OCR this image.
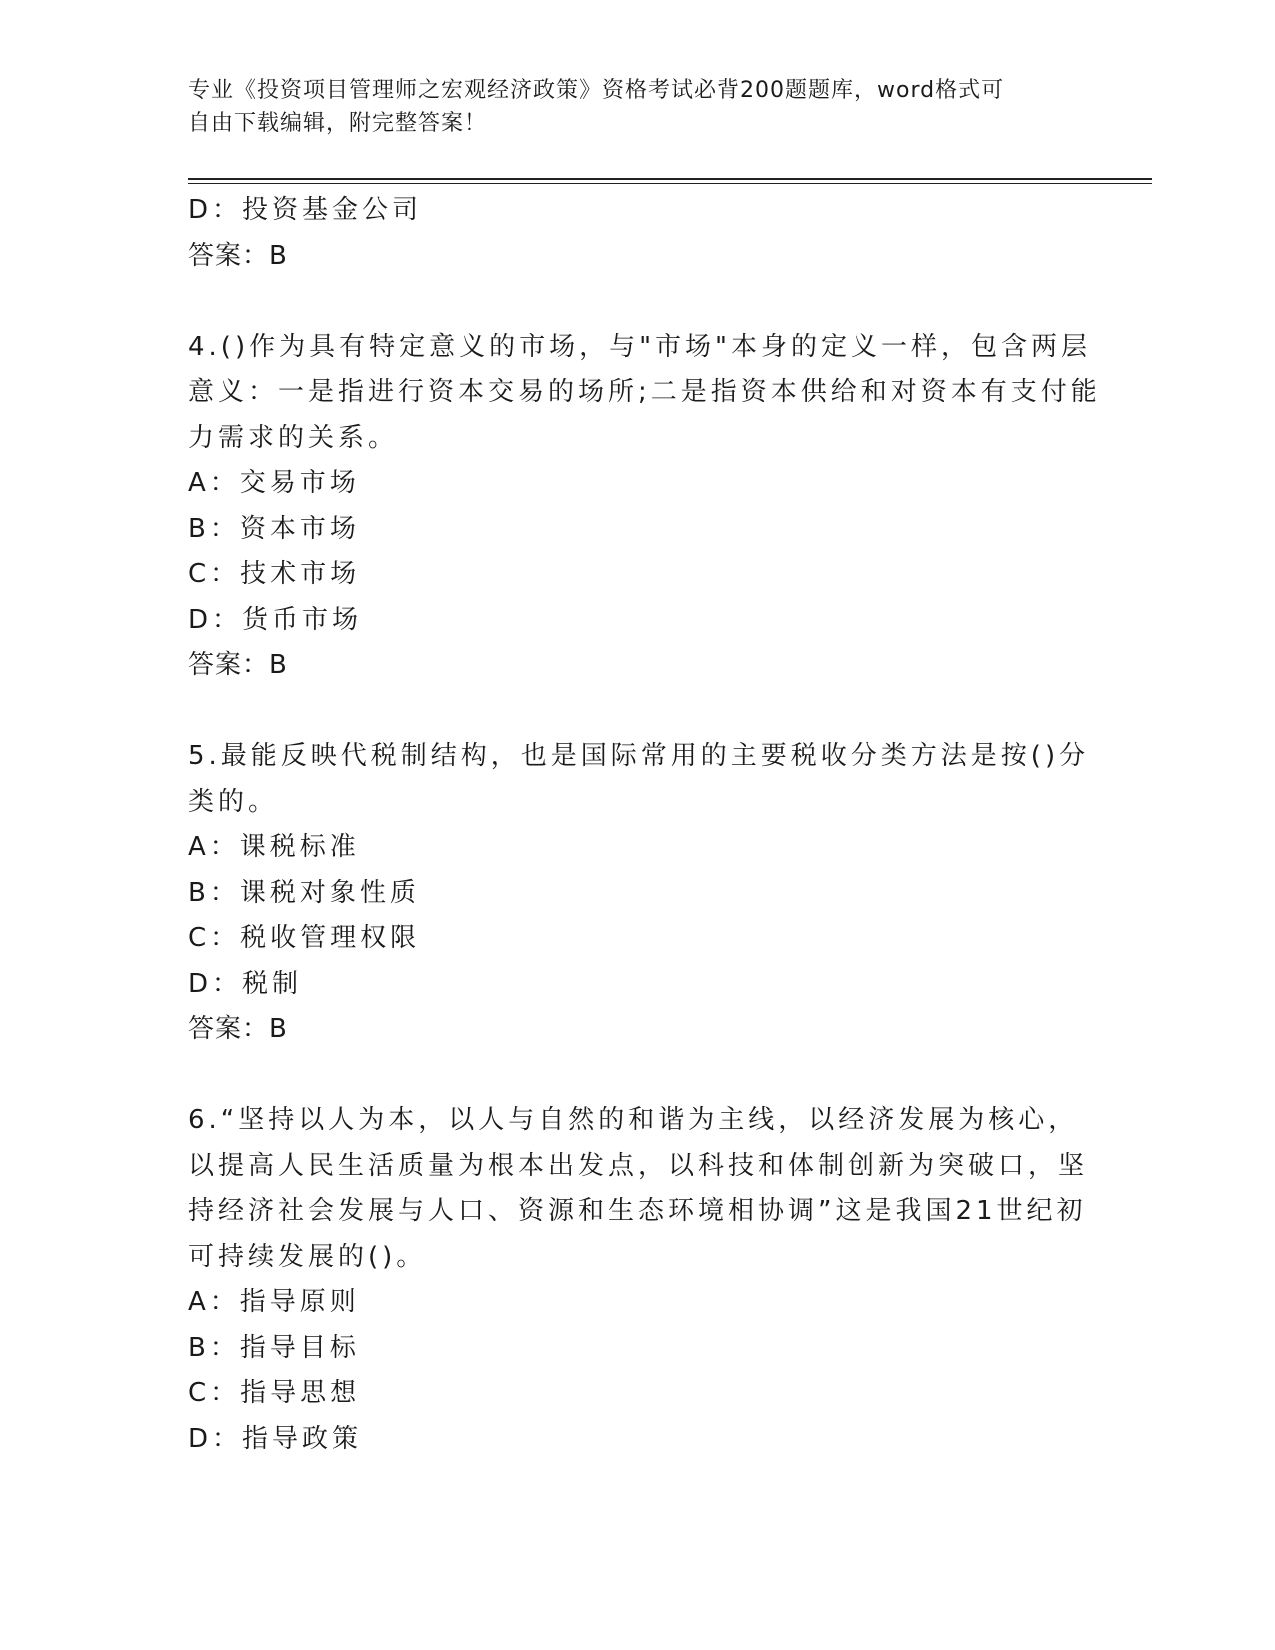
专业《投资项目管理师之宏观经济政策》资格考试必背200题题库，word格式可
自由下载编辑，附完整答案！
D：投资基金公司
答案：B
4.()作为具有特定意义的市场，与"市场"本身的定义一样，包含两层
意义：一是指进行资本交易的场所;二是指资本供给和对资本有支付能
力需求的关系。
A：交易市场
B：资本市场
C：技术市场
D：货币市场
答案：B
5.最能反映代税制结构，也是国际常用的主要税收分类方法是按()分
类的。
A：课税标准
B：课税对象性质
C：税收管理权限
D：税制
答案：B
6.“坚持以人为本，以人与自然的和谐为主线，以经济发展为核心，
以提高人民生活质量为根本出发点，以科技和体制创新为突破口，坚
持经济社会发展与人口、资源和生态环境相协调”这是我国21世纪初
可持续发展的()。
A：指导原则
B：指导目标
C：指导思想
D：指导政策
